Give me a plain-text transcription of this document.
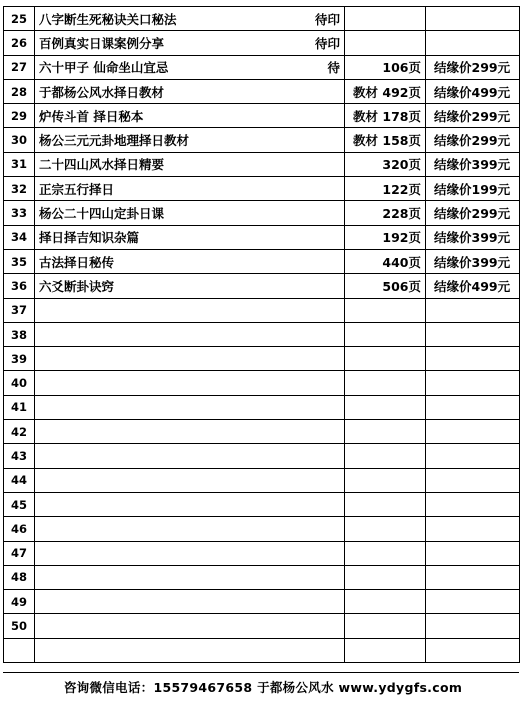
25	八字断生死秘诀关口秘法 待印		

26	百例真实日课案例分享 待印		

27	六十甲子 仙命坐山宜忌 待	106页	结缘价299元
28	于都杨公风水择日教材	教材 492页	结缘价499元
29	炉传斗首 择日秘本	教材 178页	结缘价299元
30	杨公三元元卦地理择日教材	教材 158页	结缘价299元
31	二十四山风水择日精要	320页	结缘价399元
32	正宗五行择日	122页	结缘价199元
33	杨公二十四山定卦日课	228页	结缘价299元
34	择日择吉知识杂篇	192页	结缘价399元
35	古法择日秘传	440页	结缘价399元
36	六爻断卦诀窍	506页	结缘价499元
37	

38	

39	

40	

41	

42	

43	

44	

45	

46	

47	

48	

49	

50	

咨询微信电话：15579467658 于都杨公风水 www.ydygfs.com
